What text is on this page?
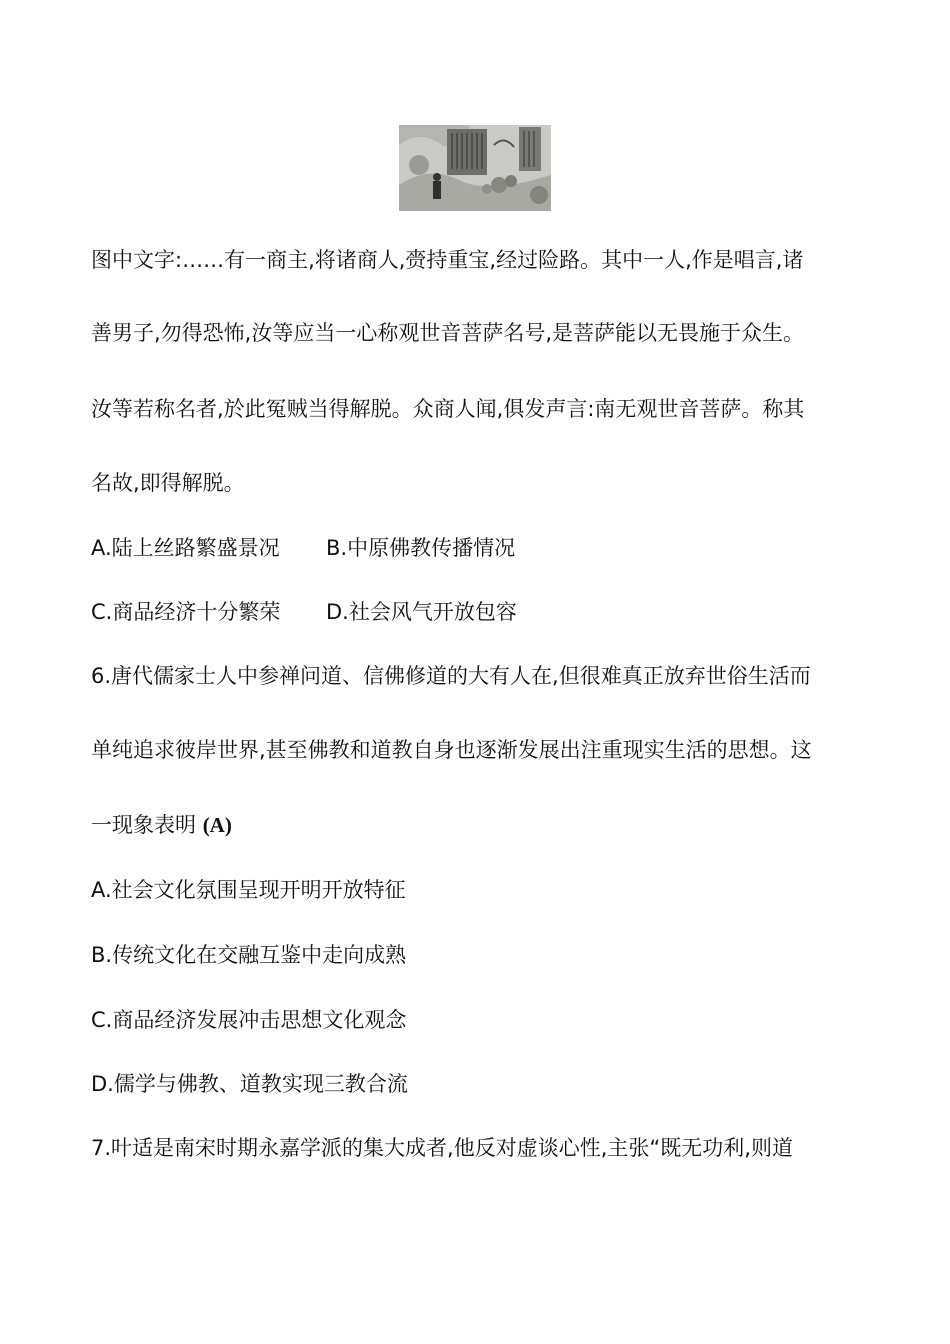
图中文字:……有一商主,将诸商人,赍持重宝,经过险路。其中一人,作是唱言,诸
善男子,勿得恐怖,汝等应当一心称观世音菩萨名号,是菩萨能以无畏施于众生。
汝等若称名者,於此冤贼当得解脱。众商人闻,俱发声言:南无观世音菩萨。称其
名故,即得解脱。
A.陆上丝路繁盛景况 B.中原佛教传播情况
C.商品经济十分繁荣 D.社会风气开放包容
6.唐代儒家士人中参禅问道、信佛修道的大有人在,但很难真正放弃世俗生活而
单纯追求彼岸世界,甚至佛教和道教自身也逐渐发展出注重现实生活的思想。这
一现象表明 (A)
A.社会文化氛围呈现开明开放特征
B.传统文化在交融互鉴中走向成熟
C.商品经济发展冲击思想文化观念
D.儒学与佛教、道教实现三教合流
7.叶适是南宋时期永嘉学派的集大成者,他反对虚谈心性,主张“既无功利,则道
